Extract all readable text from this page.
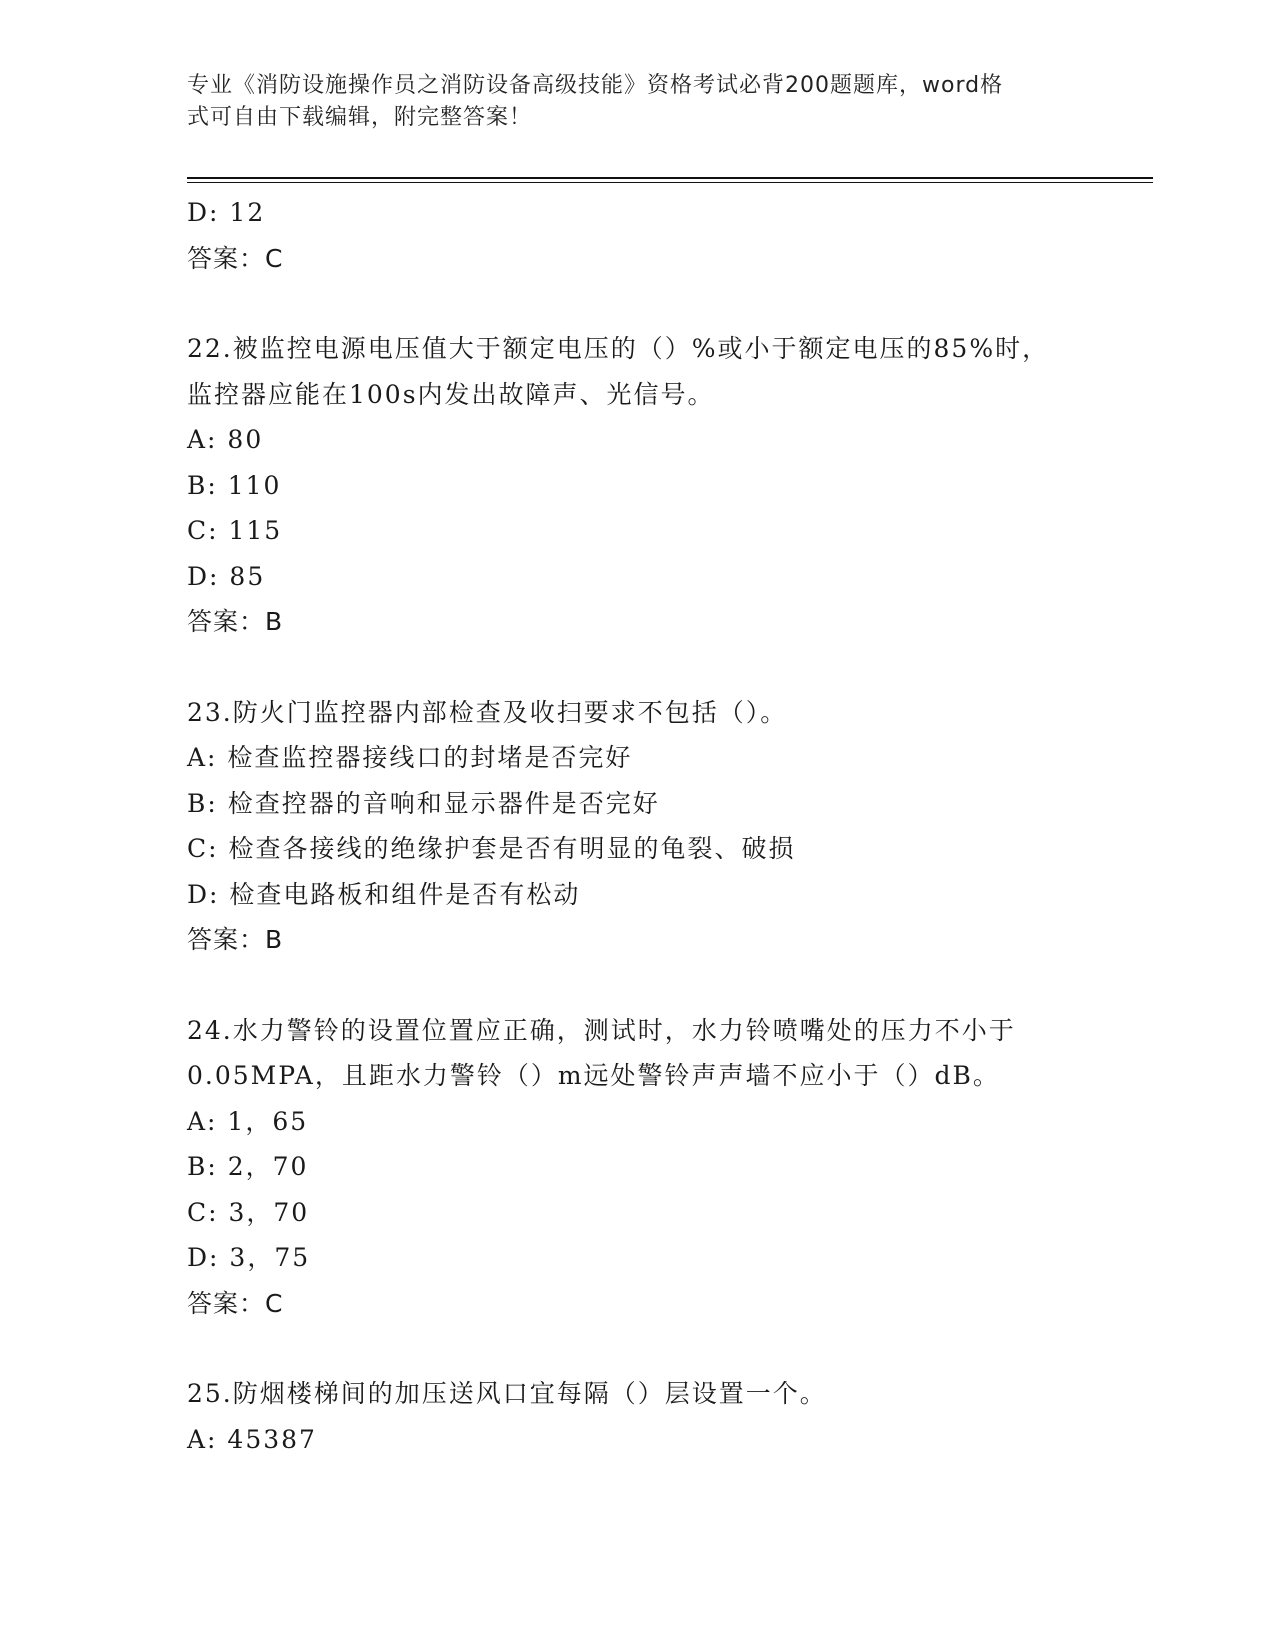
专业《消防设施操作员之消防设备高级技能》资格考试必背200题题库，word格
式可自由下载编辑，附完整答案！
D: 12
答案：C
22.被监控电源电压值大于额定电压的（）%或小于额定电压的85%时，
监控器应能在100s内发出故障声、光信号。
A: 80
B: 110
C: 115
D: 85
答案：B
23.防火门监控器内部检查及收扫要求不包括（）。
A: 检查监控器接线口的封堵是否完好
B: 检查控器的音响和显示器件是否完好
C: 检查各接线的绝缘护套是否有明显的龟裂、破损
D: 检查电路板和组件是否有松动
答案：B
24.水力警铃的设置位置应正确，测试时，水力铃喷嘴处的压力不小于
0.05MPA，且距水力警铃（）m远处警铃声声墙不应小于（）dB。
A: 1，65
B: 2，70
C: 3，70
D: 3，75
答案：C
25.防烟楼梯间的加压送风口宜每隔（）层设置一个。
A: 45387
